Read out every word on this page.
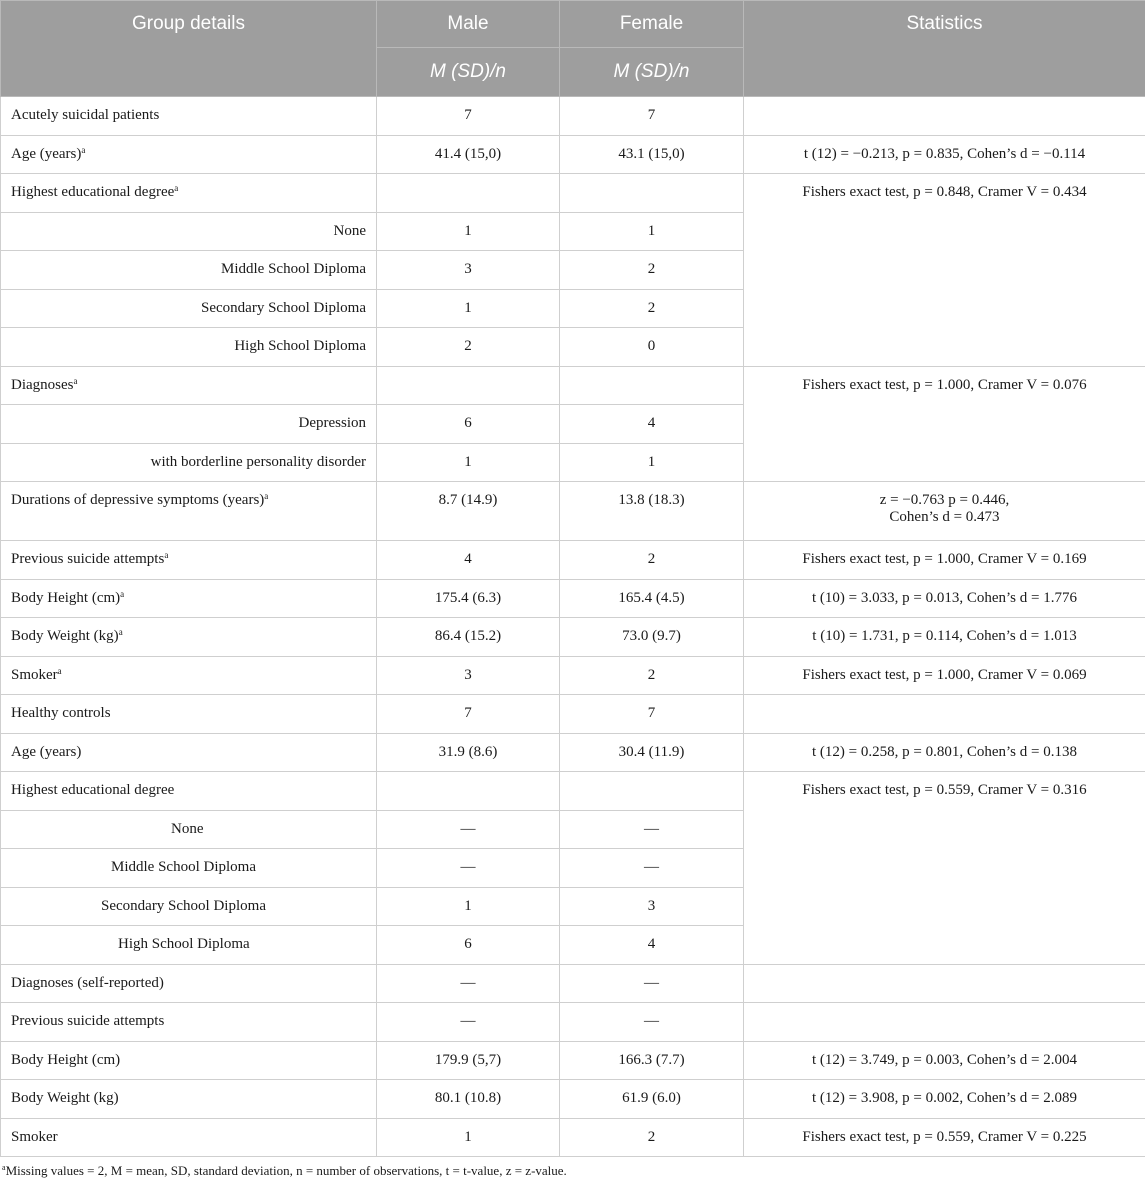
Group details	Male	Female	Statistics
	M (SD)/n	M (SD)/n	
Acutely suicidal patients	7	7	
Age (years)$^a$	41.4 (15,0)	43.1 (15,0)	t (12) = −0.213, p = 0.835, Cohen’s d = −0.114
Highest educational degree$^a$			Fishers exact test, p = 0.848, Cramer V = 0.434
None	1	1	
Middle School Diploma	3	2	
Secondary School Diploma	1	2	
High School Diploma	2	0	
Diagnoses$^a$			Fishers exact test, p = 1.000, Cramer V = 0.076
Depression	6	4	
with borderline personality disorder	1	1	
Durations of depressive symptoms (years)$^a$	8.7 (14.9)	13.8 (18.3)	z = −0.763 p = 0.446,
Cohen’s d = 0.473

Previous suicide attempts$^a$	4	2	Fishers exact test, p = 1.000, Cramer V = 0.169
Body Height (cm)$^a$	175.4 (6.3)	165.4 (4.5)	t (10) = 3.033, p = 0.013, Cohen’s d = 1.776
Body Weight (kg)$^a$	86.4 (15.2)	73.0 (9.7)	t (10) = 1.731, p = 0.114, Cohen’s d = 1.013
Smoker$^a$	3	2	Fishers exact test, p = 1.000, Cramer V = 0.069
Healthy controls	7	7	
Age (years)	31.9 (8.6)	30.4 (11.9)	t (12) = 0.258, p = 0.801, Cohen’s d = 0.138
Highest educational degree			Fishers exact test, p = 0.559, Cramer V = 0.316
None	—	—	
Middle School Diploma	—	—	
Secondary School Diploma	1	3	
High School Diploma	6	4	
Diagnoses (self-reported)	—	—	
Previous suicide attempts	—	—	
Body Height (cm)	179.9 (5,7)	166.3 (7.7)	t (12) = 3.749, p = 0.003, Cohen’s d = 2.004
Body Weight (kg)	80.1 (10.8)	61.9 (6.0)	t (12) = 3.908, p = 0.002, Cohen’s d = 2.089
Smoker	1	2	Fishers exact test, p = 0.559, Cramer V = 0.225
$^a$Missing values = 2, M = mean, SD, standard deviation, n = number of observations, t = t-value, z = z-value.
